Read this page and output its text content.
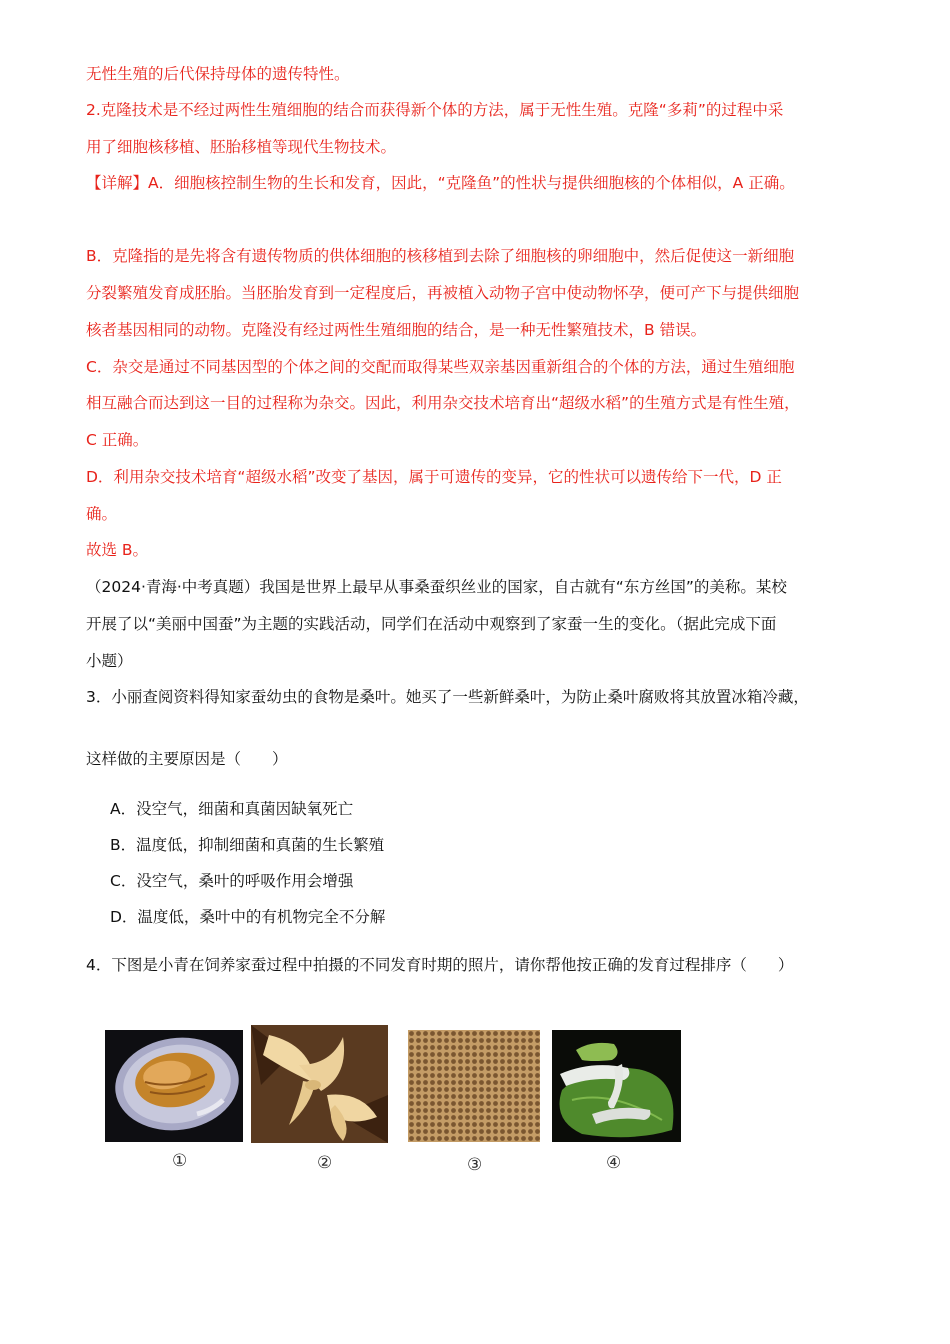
无性生殖的后代保持母体的遗传特性。
2.克隆技术是不经过两性生殖细胞的结合而获得新个体的方法，属于无性生殖。克隆“多莉”的过程中采
用了细胞核移植、胚胎移植等现代生物技术。
【详解】A．细胞核控制生物的生长和发育，因此，“克隆鱼”的性状与提供细胞核的个体相似，A 正确。
B．克隆指的是先将含有遗传物质的供体细胞的核移植到去除了细胞核的卵细胞中，然后促使这一新细胞
分裂繁殖发育成胚胎。当胚胎发育到一定程度后，再被植入动物子宫中使动物怀孕，便可产下与提供细胞
核者基因相同的动物。克隆没有经过两性生殖细胞的结合，是一种无性繁殖技术，B 错误。
C．杂交是通过不同基因型的个体之间的交配而取得某些双亲基因重新组合的个体的方法，通过生殖细胞
相互融合而达到这一目的过程称为杂交。因此，利用杂交技术培育出“超级水稻”的生殖方式是有性生殖，
C 正确。
D．利用杂交技术培育“超级水稻”改变了基因，属于可遗传的变异，它的性状可以遗传给下一代，D 正
确。
故选 B。
（2024·青海·中考真题）我国是世界上最早从事桑蚕织丝业的国家，自古就有“东方丝国”的美称。某校
开展了以“美丽中国蚕”为主题的实践活动，同学们在活动中观察到了家蚕一生的变化。（据此完成下面
小题）
3．小丽查阅资料得知家蚕幼虫的食物是桑叶。她买了一些新鲜桑叶，为防止桑叶腐败将其放置冰箱冷藏，
这样做的主要原因是（　　）
A．没空气，细菌和真菌因缺氧死亡
B．温度低，抑制细菌和真菌的生长繁殖
C．没空气，桑叶的呼吸作用会增强
D．温度低，桑叶中的有机物完全不分解
4．下图是小青在饲养家蚕过程中拍摄的不同发育时期的照片，请你帮他按正确的发育过程排序（　　）
①	②	③	④
